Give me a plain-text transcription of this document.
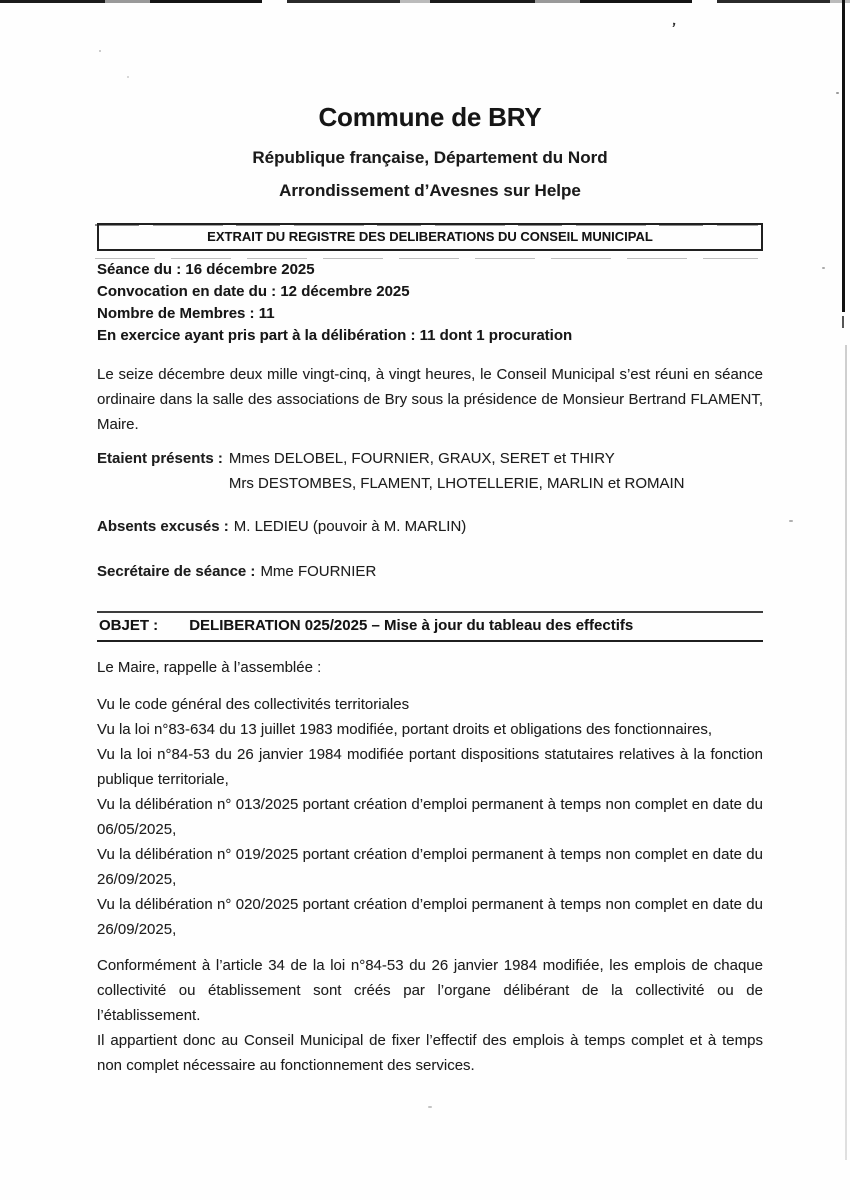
’
Commune de BRY
République française, Département du Nord
Arrondissement d’Avesnes sur Helpe
EXTRAIT DU REGISTRE DES DELIBERATIONS DU CONSEIL MUNICIPAL
Séance du : 16 décembre 2025
Convocation en date du : 12 décembre 2025
Nombre de Membres : 11
En exercice ayant pris part à la délibération : 11 dont 1 procuration

Le seize décembre deux mille vingt-cinq, à vingt heures, le Conseil Municipal s’est réuni en séance ordinaire dans la salle des associations de Bry sous la présidence de Monsieur Bertrand FLAMENT, Maire.

Etaient présents : Mmes DELOBEL, FOURNIER, GRAUX, SERET et THIRY
Mrs DESTOMBES, FLAMENT, LHOTELLERIE, MARLIN et ROMAIN
Absents excusés : M. LEDIEU (pouvoir à M. MARLIN)
Secrétaire de séance : Mme FOURNIER
OBJET : DELIBERATION 025/2025 – Mise à jour du tableau des effectifs

Le Maire, rappelle à l’assemblée :

Vu le code général des collectivités territoriales

Vu la loi n°83-634 du 13 juillet 1983 modifiée, portant droits et obligations des fonctionnaires,

Vu la loi n°84-53 du 26 janvier 1984 modifiée portant dispositions statutaires relatives à la fonction publique territoriale,

Vu la délibération n° 013/2025 portant création d’emploi permanent à temps non complet en date du 06/05/2025,

Vu la délibération n° 019/2025 portant création d’emploi permanent à temps non complet en date du 26/09/2025,

Vu la délibération n° 020/2025 portant création d’emploi permanent à temps non complet en date du 26/09/2025,

Conformément à l’article 34 de la loi n°84-53 du 26 janvier 1984 modifiée, les emplois de chaque collectivité ou établissement sont créés par l’organe délibérant de la collectivité ou de l’établissement.

Il appartient donc au Conseil Municipal de fixer l’effectif des emplois à temps complet et à temps non complet nécessaire au fonctionnement des services.
